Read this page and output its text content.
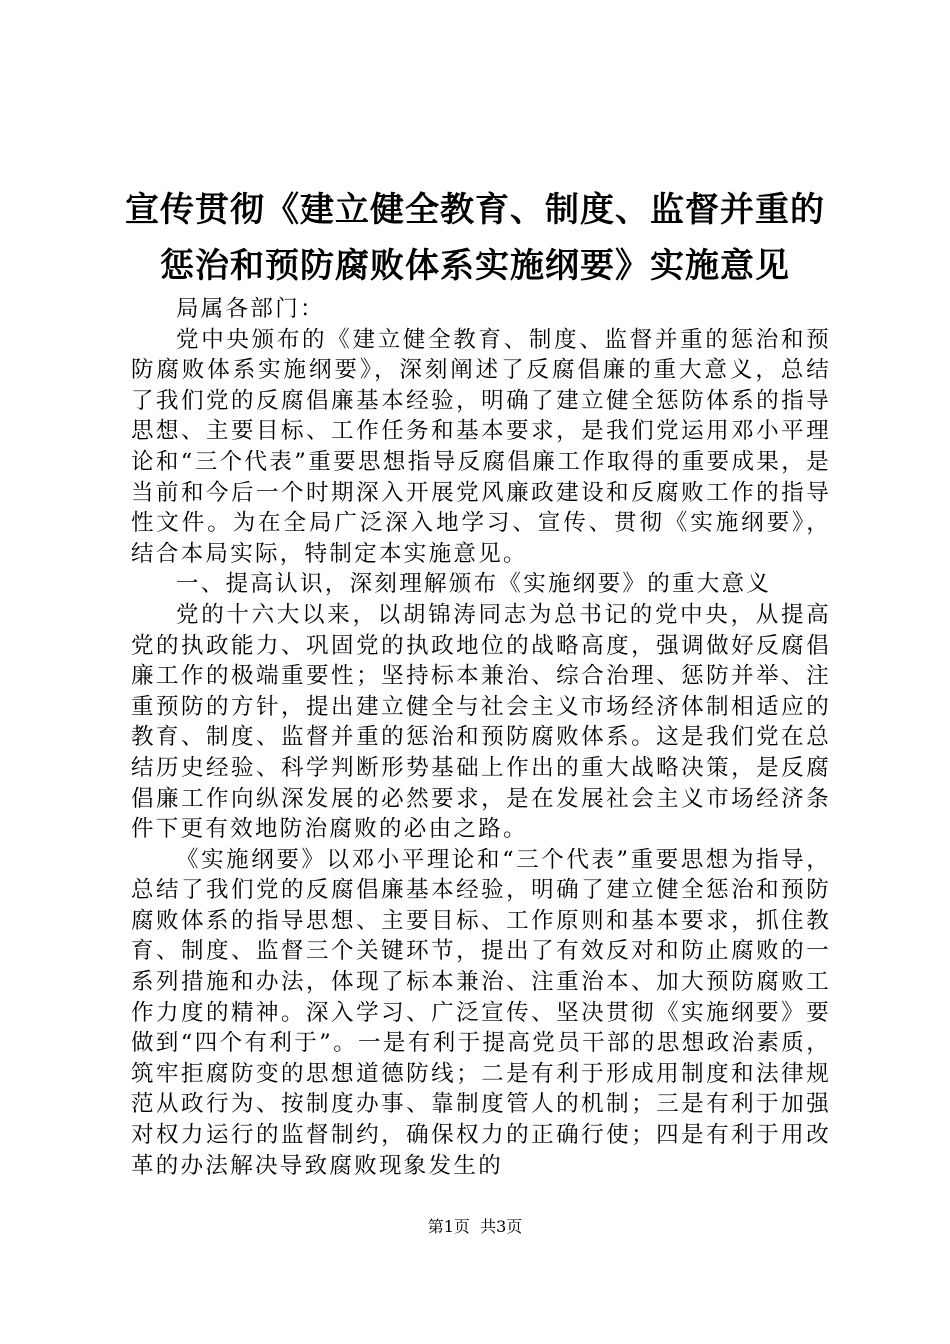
宣传贯彻《建立健全教育、制度、监督并重的
惩治和预防腐败体系实施纲要》实施意见

局属各部门：

党中央颁布的《建立健全教育、制度、监督并重的惩治和预防腐败体系实施纲要》，深刻阐述了反腐倡廉的重大意义，总结了我们党的反腐倡廉基本经验，明确了建立健全惩防体系的指导思想、主要目标、工作任务和基本要求，是我们党运用邓小平理论和“三个代表”重要思想指导反腐倡廉工作取得的重要成果，是当前和今后一个时期深入开展党风廉政建设和反腐败工作的指导性文件。为在全局广泛深入地学习、宣传、贯彻《实施纲要》，结合本局实际，特制定本实施意见。

一、提高认识，深刻理解颁布《实施纲要》的重大意义

党的十六大以来，以胡锦涛同志为总书记的党中央，从提高党的执政能力、巩固党的执政地位的战略高度，强调做好反腐倡廉工作的极端重要性；坚持标本兼治、综合治理、惩防并举、注重预防的方针，提出建立健全与社会主义市场经济体制相适应的教育、制度、监督并重的惩治和预防腐败体系。这是我们党在总结历史经验、科学判断形势基础上作出的重大战略决策，是反腐倡廉工作向纵深发展的必然要求，是在发展社会主义市场经济条件下更有效地防治腐败的必由之路。

《实施纲要》以邓小平理论和“三个代表”重要思想为指导，总结了我们党的反腐倡廉基本经验，明确了建立健全惩治和预防腐败体系的指导思想、主要目标、工作原则和基本要求，抓住教育、制度、监督三个关键环节，提出了有效反对和防止腐败的一系列措施和办法，体现了标本兼治、注重治本、加大预防腐败工作力度的精神。深入学习、广泛宣传、坚决贯彻《实施纲要》要做到“四个有利于”。一是有利于提高党员干部的思想政治素质，筑牢拒腐防变的思想道德防线；二是有利于形成用制度和法律规范从政行为、按制度办事、靠制度管人的机制；三是有利于加强对权力运行的监督制约，确保权力的正确行使；四是有利于用改革的办法解决导致腐败现象发生的

第1页  共3页
